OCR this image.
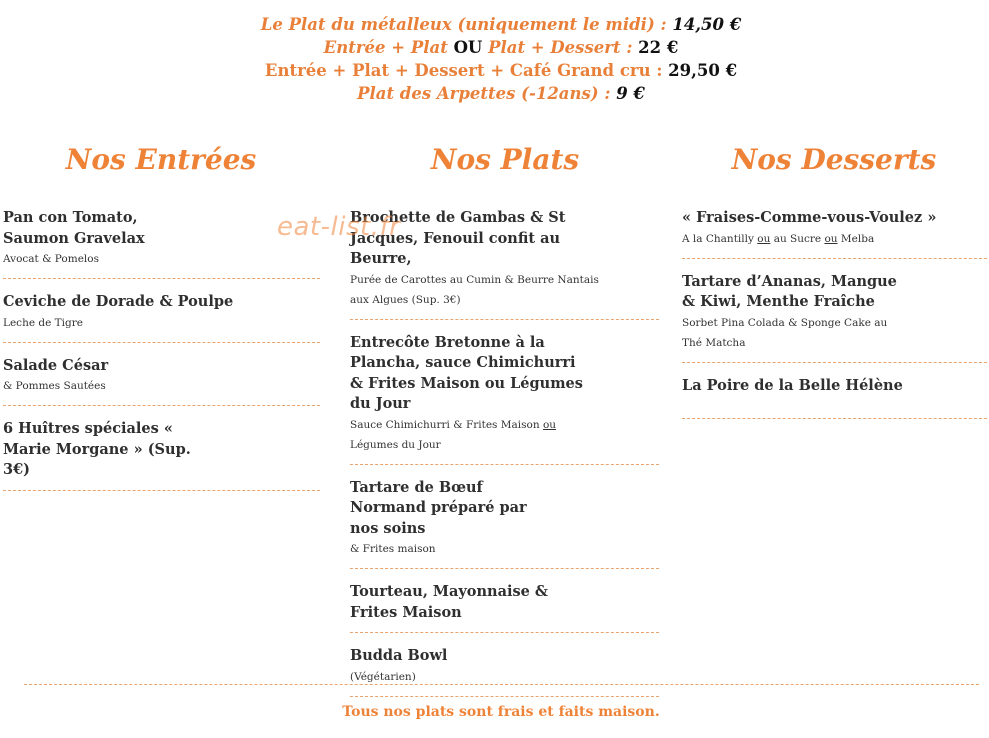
Le Plat du métalleux (uniquement le midi) : 14,50 €
Entrée + Plat OU Plat + Dessert : 22 €
Entrée + Plat + Dessert + Café Grand cru : 29,50 €
Plat des Arpettes (-12ans) : 9 €
Nos Entrées	Nos Plats	Nos Desserts

Pan con Tomato, Saumon Gravelax

Avocat & Pomelos

Ceviche de Dorade & Poulpe

Leche de Tigre

Salade César

& Pommes Sautées

6 Huîtres spéciales « Marie Morgane » (Sup. 3€)

Brochette de Gambas & St Jacques, Fenouil confit au Beurre,

Purée de Carottes au Cumin & Beurre Nantais aux Algues (Sup. 3€)

Entrecôte Bretonne à la Plancha, sauce Chimichurri & Frites Maison ou Légumes du Jour

Sauce Chimichurri & Frites Maison ou Légumes du Jour

Tartare de Bœuf Normand préparé par nos soins

& Frites maison

Tourteau, Mayonnaise & Frites Maison

Budda Bowl

(Végétarien)

« Fraises-Comme-vous-Voulez »

A la Chantilly ou au Sucre ou Melba

Tartare d’Ananas, Mangue & Kiwi, Menthe Fraîche

Sorbet Pina Colada & Sponge Cake au Thé Matcha

La Poire de la Belle Hélène

eat-list.fr
Tous nos plats sont frais et faits maison.
